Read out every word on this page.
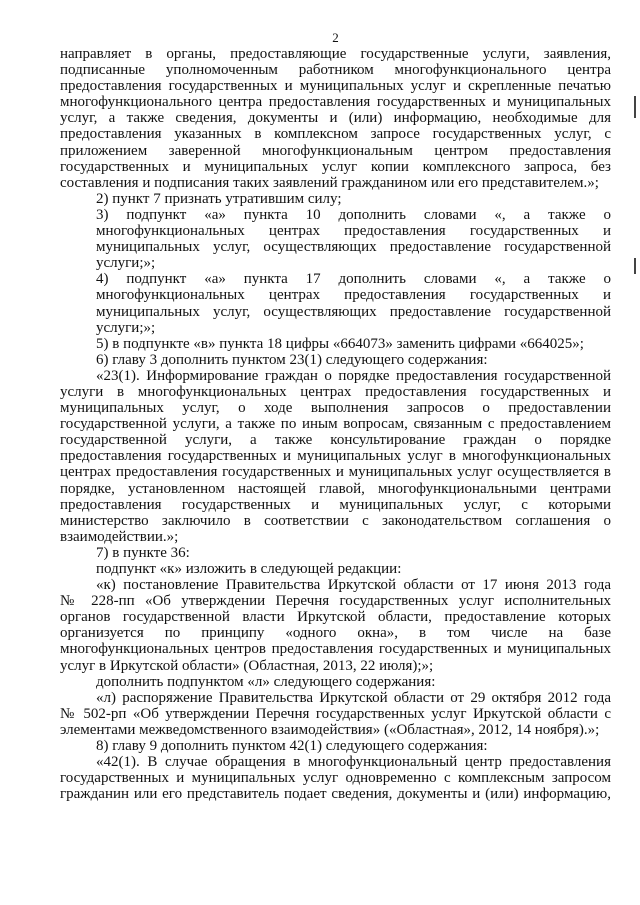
2
направляет в органы, предоставляющие государственные услуги, заявления,
подписанные уполномоченным работником многофункционального центра
предоставления государственных и муниципальных услуг и скрепленные печатью
многофункционального центра предоставления государственных и муниципальных
услуг, а также сведения, документы и (или) информацию, необходимые для
предоставления указанных в комплексном запросе государственных услуг, с
приложением заверенной многофункциональным центром предоставления
государственных и муниципальных услуг копии комплексного запроса, без
составления и подписания таких заявлений гражданином или его представителем.»;
2) пункт 7 признать утратившим силу;
3) подпункт «а» пункта 10 дополнить словами «, а также о
многофункциональных центрах предоставления государственных и
муниципальных услуг, осуществляющих предоставление государственной
услуги;»;
4) подпункт «а» пункта 17 дополнить словами «, а также о
многофункциональных центрах предоставления государственных и
муниципальных услуг, осуществляющих предоставление государственной
услуги;»;
5) в подпункте «в» пункта 18 цифры «664073» заменить цифрами «664025»;
6) главу 3 дополнить пунктом 23(1) следующего содержания:
«23(1). Информирование граждан о порядке предоставления государственной
услуги в многофункциональных центрах предоставления государственных и
муниципальных услуг, о ходе выполнения запросов о предоставлении
государственной услуги, а также по иным вопросам, связанным с предоставлением
государственной услуги, а также консультирование граждан о порядке
предоставления государственных и муниципальных услуг в многофункциональных
центрах предоставления государственных и муниципальных услуг осуществляется в
порядке, установленном настоящей главой, многофункциональными центрами
предоставления государственных и муниципальных услуг, с которыми
министерство заключило в соответствии с законодательством соглашения о
взаимодействии.»;
7) в пункте 36:
подпункт «к» изложить в следующей редакции:
«к) постановление Правительства Иркутской области от 17 июня 2013 года
№ 228-пп «Об утверждении Перечня государственных услуг исполнительных
органов государственной власти Иркутской области, предоставление которых
организуется по принципу «одного окна», в том числе на базе
многофункциональных центров предоставления государственных и муниципальных
услуг в Иркутской области» (Областная, 2013, 22 июля);»;
дополнить подпунктом «л» следующего содержания:
«л) распоряжение Правительства Иркутской области от 29 октября 2012 года
№ 502-рп «Об утверждении Перечня государственных услуг Иркутской области с
элементами межведомственного взаимодействия» («Областная», 2012, 14 ноября).»;
8) главу 9 дополнить пунктом 42(1) следующего содержания:
«42(1). В случае обращения в многофункциональный центр предоставления
государственных и муниципальных услуг одновременно с комплексным запросом
гражданин или его представитель подает сведения, документы и (или) информацию,
